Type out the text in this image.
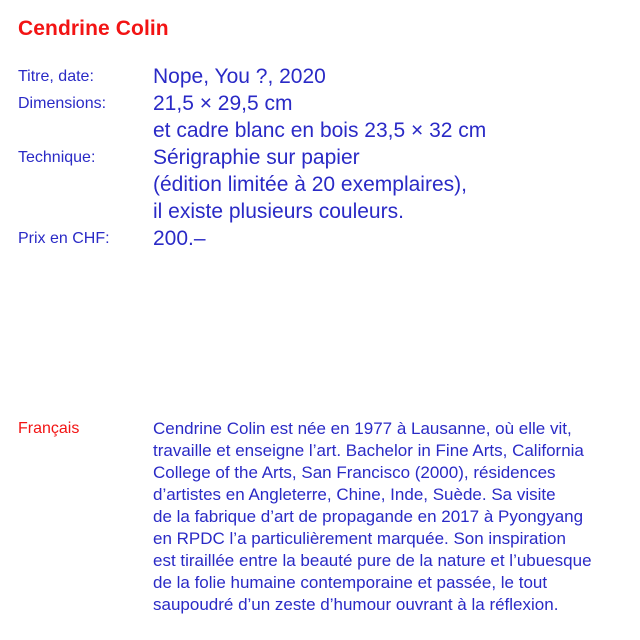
Cendrine Colin
Titre, date:	Nope, You ?, 2020
Dimensions:	21,5 × 29,5 cm
et cadre blanc en bois 23,5 × 32 cm
Technique:	Sérigraphie sur papier
(édition limitée à 20 exemplaires),
il existe plusieurs couleurs.
Prix en CHF:	200.–
Français	Cendrine Colin est née en 1977 à Lausanne, où elle vit,
travaille et enseigne l’art. Bachelor in Fine Arts, California
College of the Arts, San Francisco (2000), résidences
d’artistes en Angleterre, Chine, Inde, Suède. Sa visite
de la fabrique d’art de propagande en 2017 à Pyongyang
en RPDC l’a particulièrement marquée. Son inspiration
est tiraillée entre la beauté pure de la nature et l’ubuesque
de la folie humaine contemporaine et passée, le tout
saupoudré d’un zeste d’humour ouvrant à la réflexion.
